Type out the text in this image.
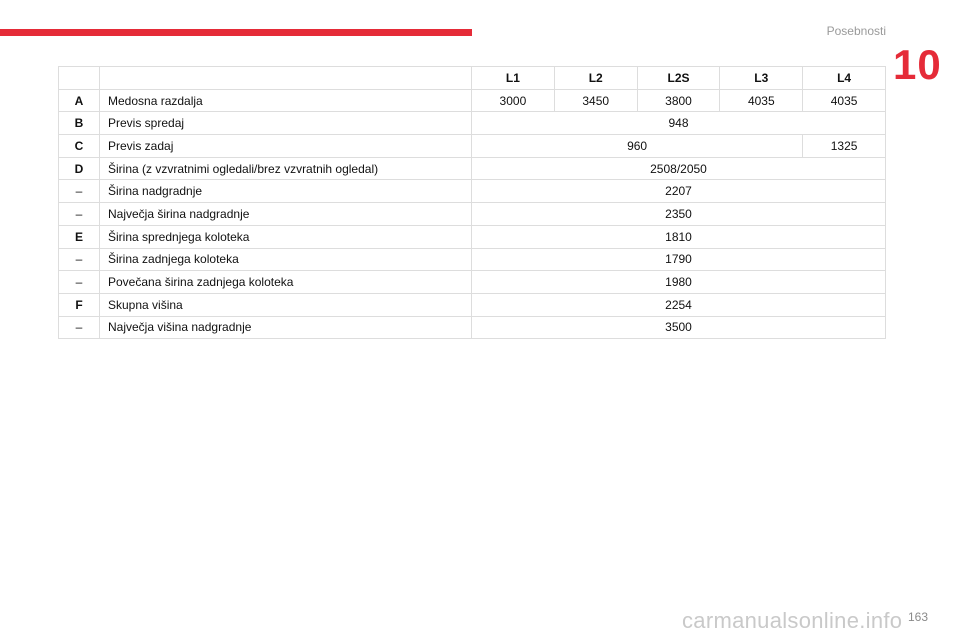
Posebnosti
10
		L1	L2	L2S	L3	L4
A	Medosna razdalja	3000	3450	3800	4035	4035
B	Previs spredaj	948				
C	Previs zadaj	960				1325
D	Širina (z vzvratnimi ogledali/brez vzvratnih ogledal)	2508/2050				
–	Širina nadgradnje	2207				
–	Največja širina nadgradnje	2350				
E	Širina sprednjega koloteka	1810				
–	Širina zadnjega koloteka	1790				
–	Povečana širina zadnjega koloteka	1980				
F	Skupna višina	2254				
–	Največja višina nadgradnje	3500				
163
carmanualsonline.info
